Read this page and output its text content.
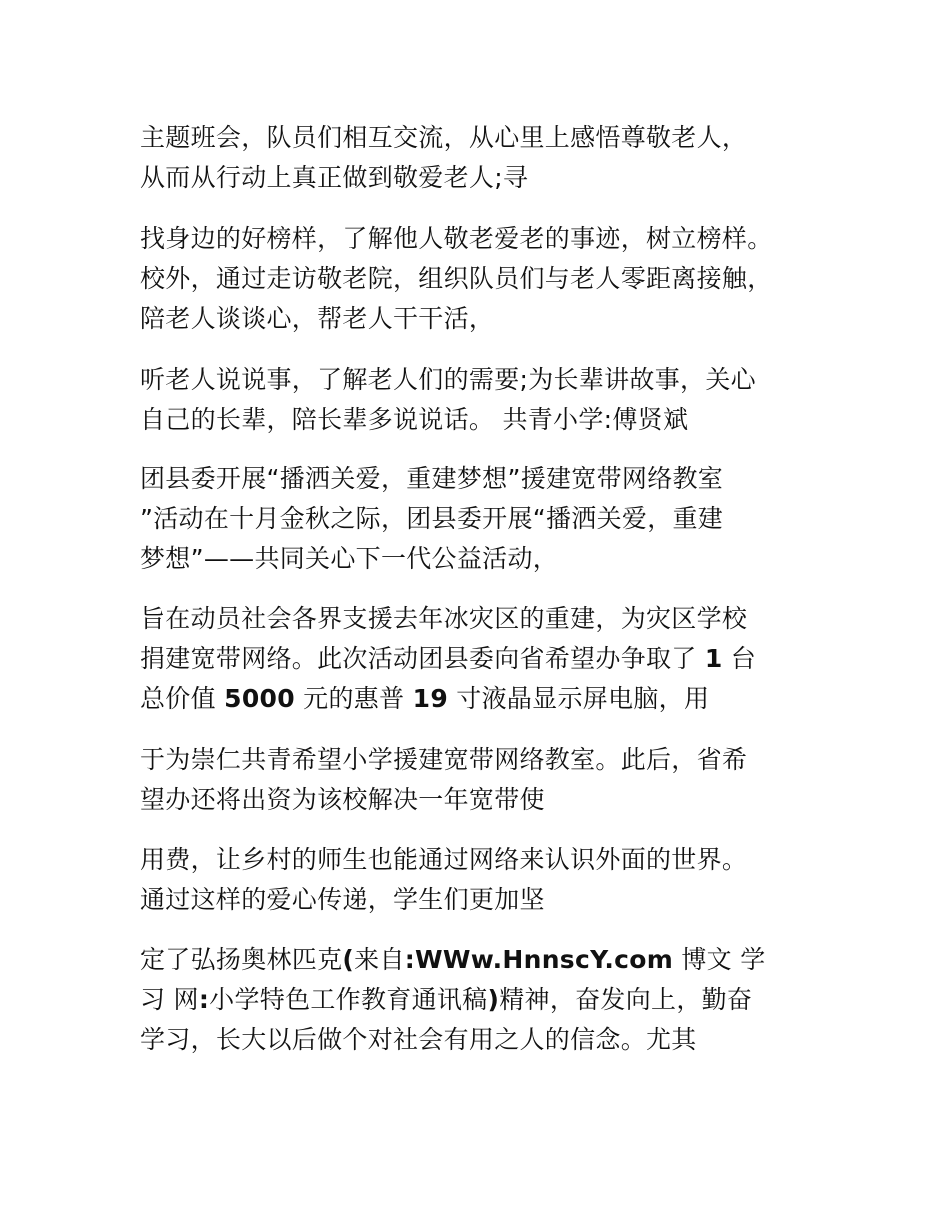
主题班会，队员们相互交流，从心里上感悟尊敬老人，
从而从行动上真正做到敬爱老人;寻
找身边的好榜样，了解他人敬老爱老的事迹，树立榜样。
校外，通过走访敬老院，组织队员们与老人零距离接触，
陪老人谈谈心，帮老人干干活，
听老人说说事，了解老人们的需要;为长辈讲故事，关心
自己的长辈，陪长辈多说说话。 共青小学:傅贤斌
团县委开展“播洒关爱，重建梦想”援建宽带网络教室
”活动在十月金秋之际，团县委开展“播洒关爱，重建
梦想”——共同关心下一代公益活动，
旨在动员社会各界支援去年冰灾区的重建，为灾区学校
捐建宽带网络。此次活动团县委向省希望办争取了 1 台
总价值 5000 元的惠普 19 寸液晶显示屏电脑，用
于为崇仁共青希望小学援建宽带网络教室。此后，省希
望办还将出资为该校解决一年宽带使
用费，让乡村的师生也能通过网络来认识外面的世界。
通过这样的爱心传递，学生们更加坚
定了弘扬奥林匹克(来自:WWw.HnnscY.com 博文 学
习 网:小学特色工作教育通讯稿)精神，奋发向上，勤奋
学习，长大以后做个对社会有用之人的信念。尤其
